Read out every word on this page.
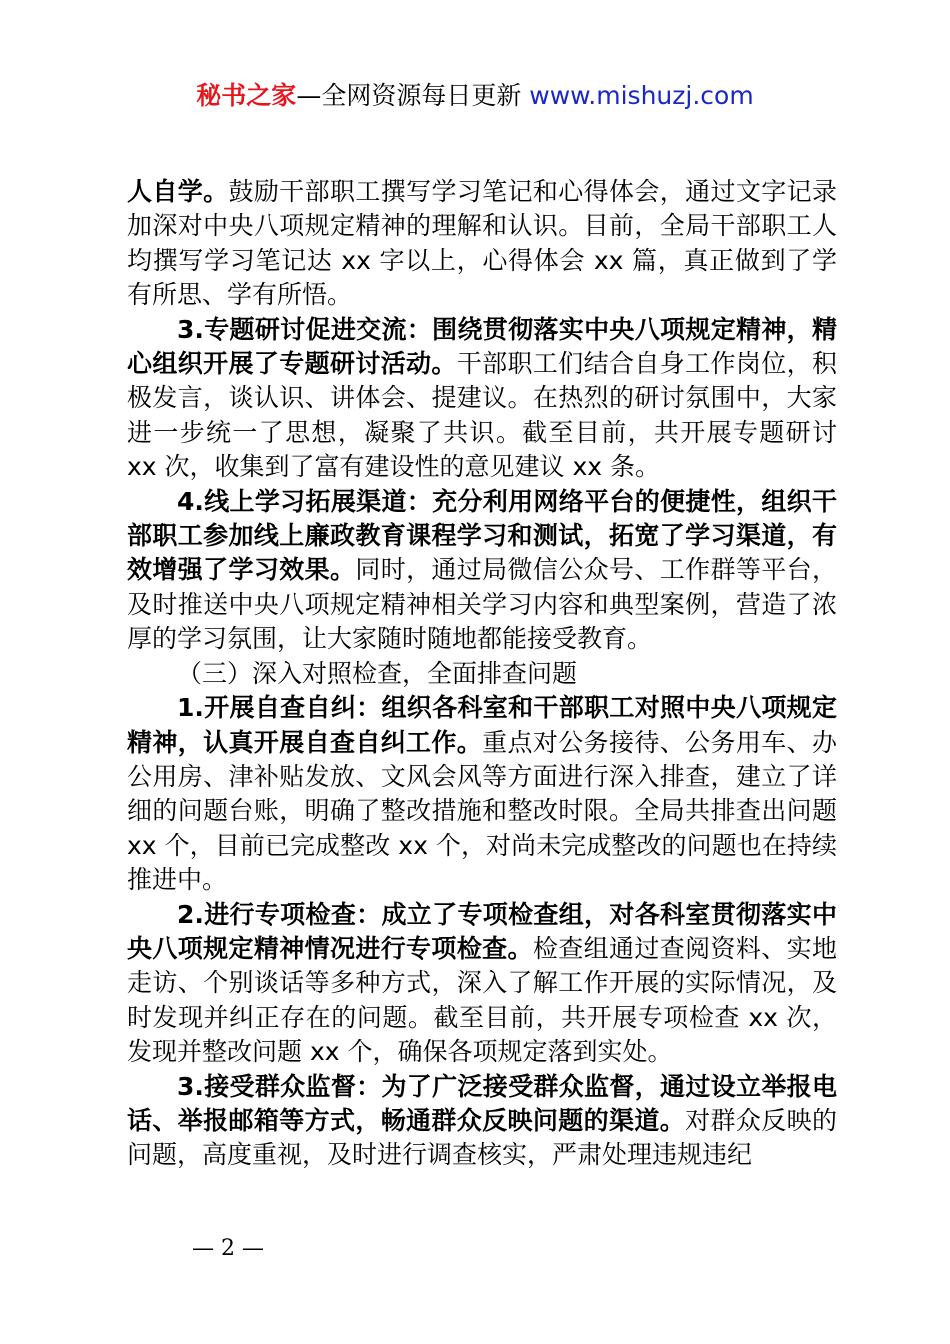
秘书之家—全网资源每日更新 www.mishuzj.com

人自学。鼓励干部职工撰写学习笔记和心得体会，通过文字记录加深对中央八项规定精神的理解和认识。目前，全局干部职工人均撰写学习笔记达 xx 字以上，心得体会 xx 篇，真正做到了学有所思、学有所悟。

3.专题研讨促进交流：围绕贯彻落实中央八项规定精神，精心组织开展了专题研讨活动。干部职工们结合自身工作岗位，积极发言，谈认识、讲体会、提建议。在热烈的研讨氛围中，大家进一步统一了思想，凝聚了共识。截至目前，共开展专题研讨 xx 次，收集到了富有建设性的意见建议 xx 条。

4.线上学习拓展渠道：充分利用网络平台的便捷性，组织干部职工参加线上廉政教育课程学习和测试，拓宽了学习渠道，有效增强了学习效果。同时，通过局微信公众号、工作群等平台，及时推送中央八项规定精神相关学习内容和典型案例，营造了浓厚的学习氛围，让大家随时随地都能接受教育。

（三）深入对照检查，全面排查问题

1.开展自查自纠：组织各科室和干部职工对照中央八项规定精神，认真开展自查自纠工作。重点对公务接待、公务用车、办公用房、津补贴发放、文风会风等方面进行深入排查，建立了详细的问题台账，明确了整改措施和整改时限。全局共排查出问题 xx 个，目前已完成整改 xx 个，对尚未完成整改的问题也在持续推进中。

2.进行专项检查：成立了专项检查组，对各科室贯彻落实中央八项规定精神情况进行专项检查。检查组通过查阅资料、实地走访、个别谈话等多种方式，深入了解工作开展的实际情况，及时发现并纠正存在的问题。截至目前，共开展专项检查 xx 次，发现并整改问题 xx 个，确保各项规定落到实处。

3.接受群众监督：为了广泛接受群众监督，通过设立举报电话、举报邮箱等方式，畅通群众反映问题的渠道。对群众反映的问题，高度重视，及时进行调查核实，严肃处理违规违纪

— 2 —
